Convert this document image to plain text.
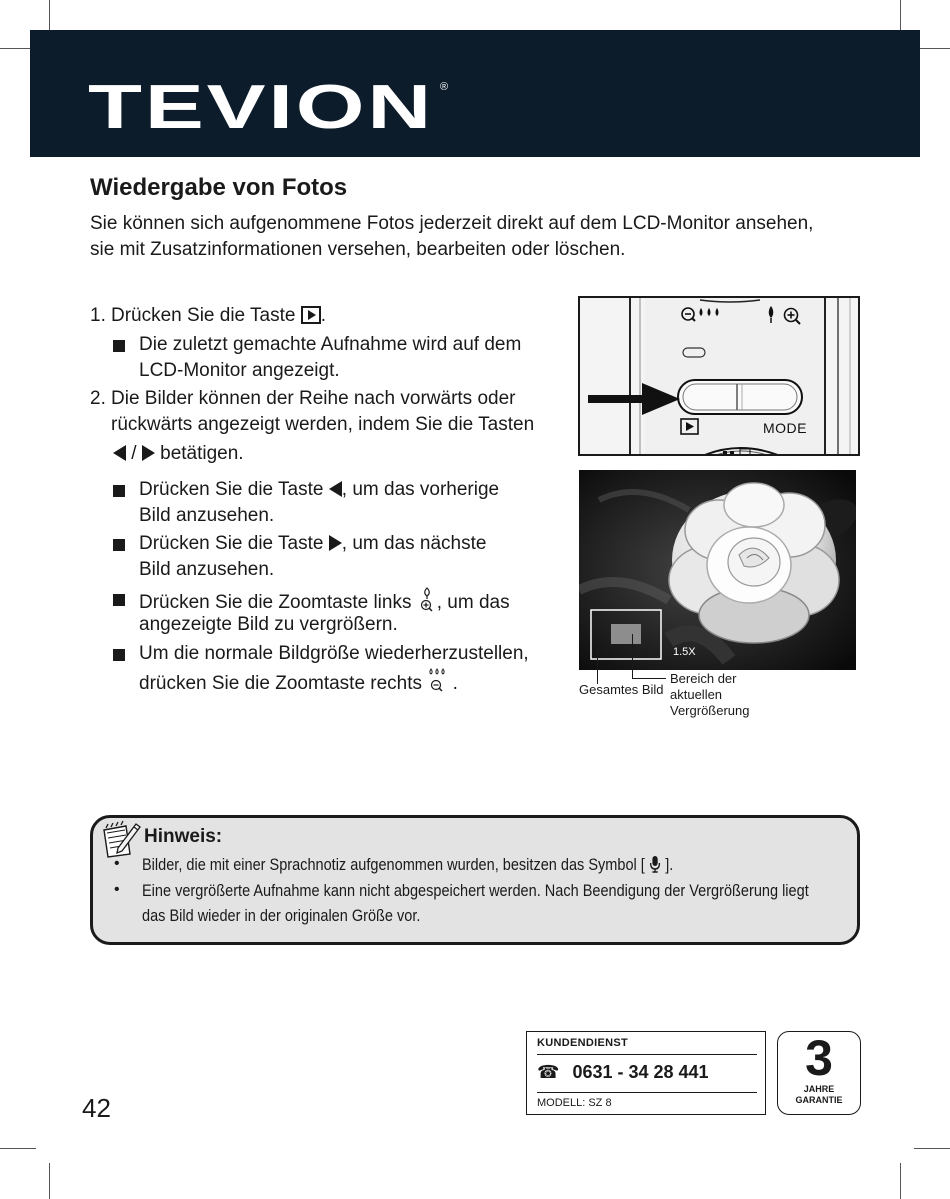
TEVION ®
Wiedergabe von Fotos
Sie können sich aufgenommene Fotos jederzeit direkt auf dem LCD-Monitor ansehen,
sie mit Zusatzinformationen versehen, bearbeiten oder löschen.
1. Drücken Sie die Taste .
Die zuletzt gemachte Aufnahme wird auf dem
LCD-Monitor angezeigt.
2. Die Bilder können der Reihe nach vorwärts oder
rückwärts angezeigt werden, indem Sie die Tasten
/ betätigen.
Drücken Sie die Taste , um das vorherige
Bild anzusehen.
Drücken Sie die Taste , um das nächste
Bild anzusehen.
Drücken Sie die Zoomtaste links , um das
angezeigte Bild zu vergrößern.
Um die normale Bildgröße wiederherzustellen,
drücken Sie die Zoomtaste rechts .
MODE
1.5X
Gesamtes Bild
Bereich der
aktuellen
Vergrößerung
Hinweis:
• Bilder, die mit einer Sprachnotiz aufgenommen wurden, besitzen das Symbol [ ].
• Eine vergrößerte Aufnahme kann nicht abgespeichert werden. Nach Beendigung der Vergrößerung liegt
das Bild wieder in der originalen Größe vor.
KUNDENDIENST
☎ 0631 - 34 28 441
MODELL: SZ 8
3
JAHRE
GARANTIE
42
